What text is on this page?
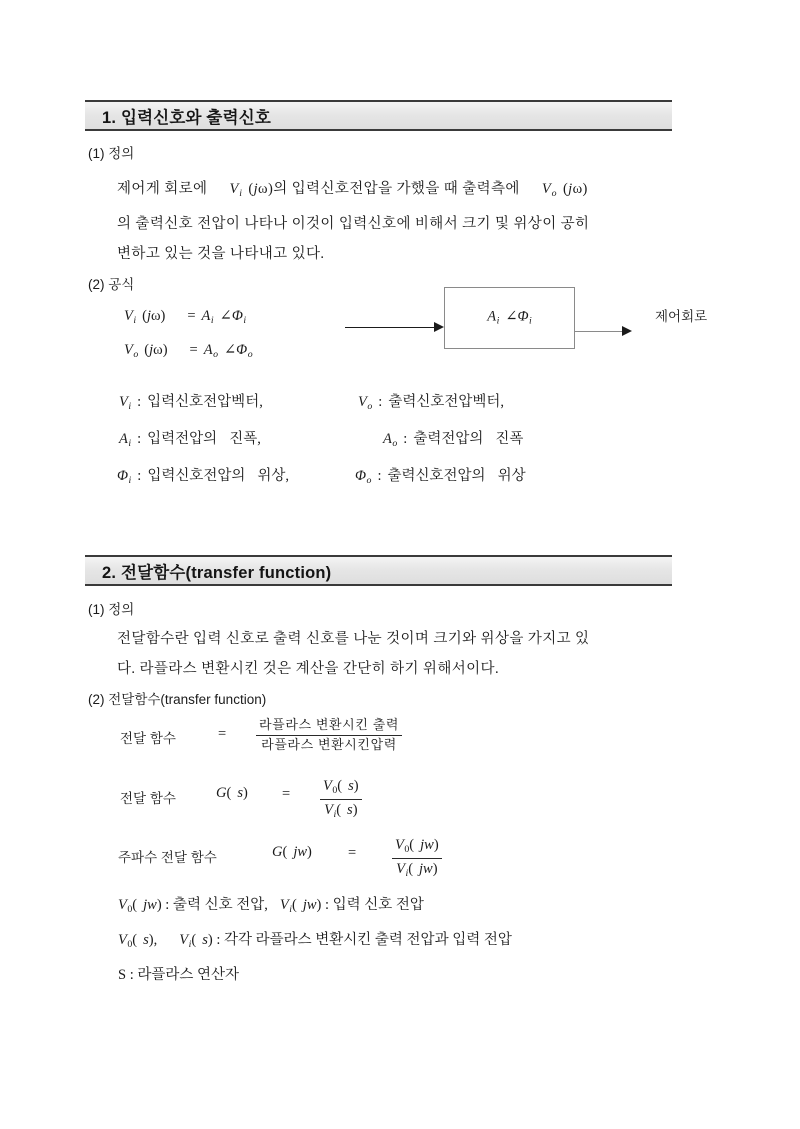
1. 입력신호와 출력신호
(1) 정의
제어게 회로에 $V_i$ (jω)의 입력신호전압을 가했을 때 출력측에 $V_o$ (jω)
의 출력신호 전압이 나타나 이것이 입력신호에 비해서 크기 및 위상이 공히
변하고 있는 것을 나타내고 있다.
(2) 공식
$V_i$ $(j\omega) = A_i$ $\angle\Phi_i$
$V_o$ $(j\omega) = A_o$ $\angle\Phi_o$
$A_i$ $\angle\Phi_i$	제어회로
$V_i$ : 입력신호전압벡터,	$V_o$ : 출력신호전압벡터,
$A_i$ : 입력전압의 진폭,	$A_o$ : 출력전압의 진폭
$\Phi_i$ : 입력신호전압의 위상,	$\Phi_o$ : 출력신호전압의 위상
2. 전달함수(transfer function)
(1) 정의
전달함수란 입력 신호로 출력 신호를 나눈 것이며 크기와 위상을 가지고 있
다. 라플라스 변환시킨 것은 계산을 간단히 하기 위해서이다.
(2) 전달함수(transfer function)
전달 함수	=
라플라스 변환시킨 출력
라플라스 변환시킨압력
전달 함수	G( $s) = \frac{V_0( s)}{V_i( s)}$
주파수 전달 함수	G( $jw) = \frac{V_0( jw)}{V_i( jw)}$
$V_0$( jw) : 출력 신호 전압, $V_i$( jw) : 입력 신호 전압
$V_0$( s), $V_i$( s) : 각각 라플라스 변환시킨 출력 전압과 입력 전압
S : 라플라스 연산자
